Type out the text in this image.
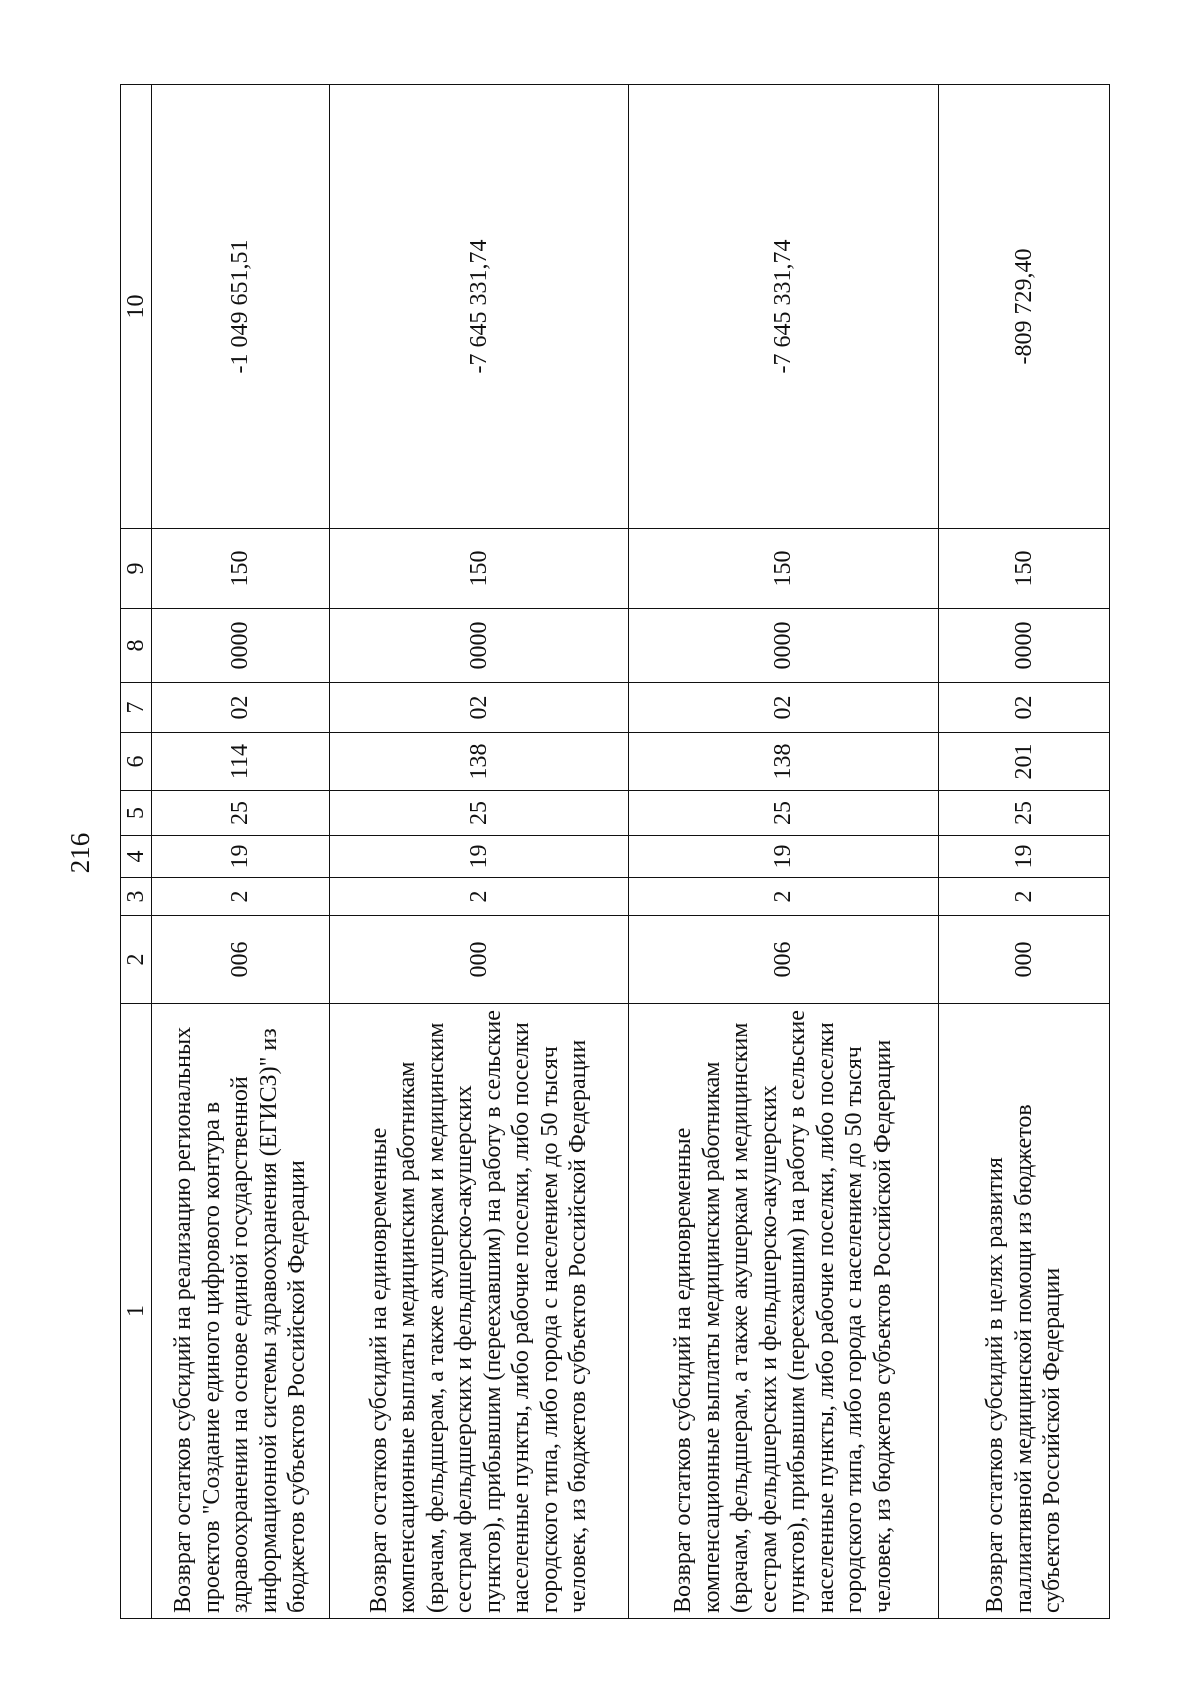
216
1	2	3	4	5	6	7	8	9	10
Возврат остатков субсидий на реализацию региональных проектов "Создание единого цифрового контура в здравоохранении на основе единой государственной информационной системы здравоохранения (ЕГИСЗ)" из бюджетов субъектов Российской Федерации	006	2	19	25	114	02	0000	150	-1 049 651,51
Возврат остатков субсидий на единовременные компенсационные выплаты медицинским работникам (врачам, фельдшерам, а также акушеркам и медицинским сестрам фельдшерских и фельдшерско-акушерских пунктов), прибывшим (переехавшим) на работу в сельские населенные пункты, либо рабочие поселки, либо поселки городского типа, либо города с населением до 50 тысяч человек, из бюджетов субъектов Российской Федерации	000	2	19	25	138	02	0000	150	-7 645 331,74
Возврат остатков субсидий на единовременные компенсационные выплаты медицинским работникам (врачам, фельдшерам, а также акушеркам и медицинским сестрам фельдшерских и фельдшерско-акушерских пунктов), прибывшим (переехавшим) на работу в сельские населенные пункты, либо рабочие поселки, либо поселки городского типа, либо города с населением до 50 тысяч человек, из бюджетов субъектов Российской Федерации	006	2	19	25	138	02	0000	150	-7 645 331,74
Возврат остатков субсидий в целях развития паллиативной медицинской помощи из бюджетов субъектов Российской Федерации	000	2	19	25	201	02	0000	150	-809 729,40
